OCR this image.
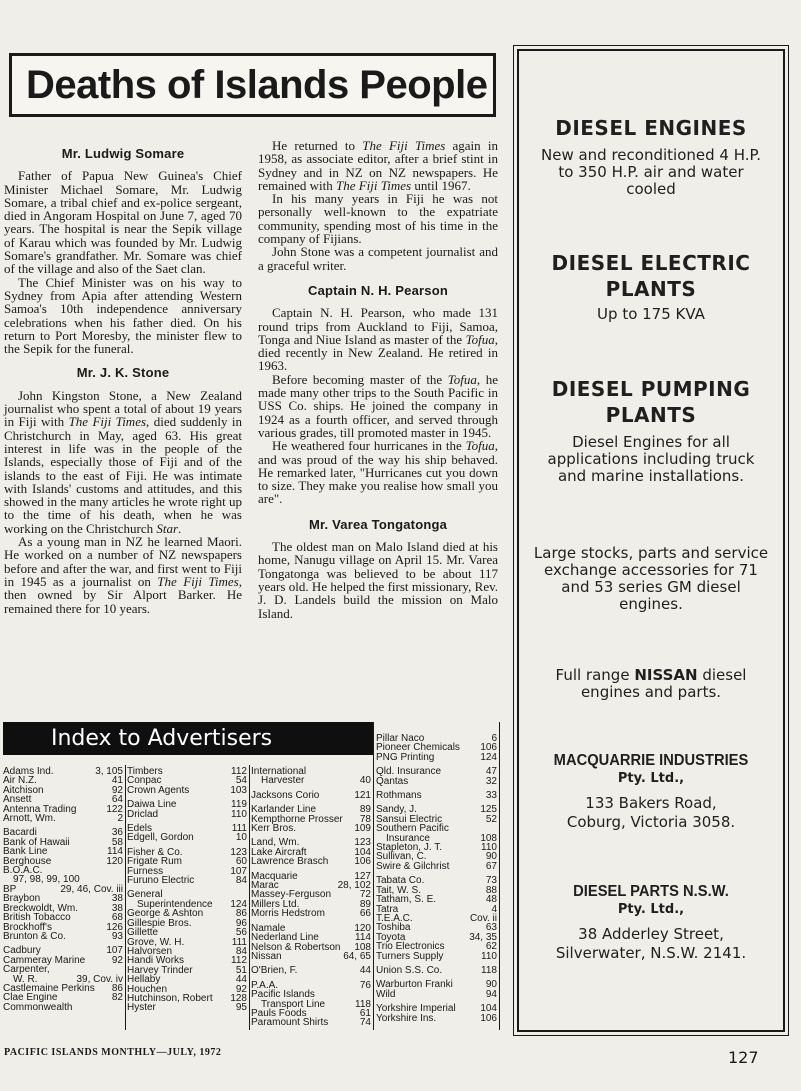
Deaths of Islands People
Mr. Ludwig Somare

Father of Papua New Guinea's Chief Minister Michael Somare, Mr. Ludwig Somare, a tribal chief and ex-police sergeant, died in Angoram Hospital on June 7, aged 70 years. The hospital is near the Sepik village of Karau which was founded by Mr. Ludwig Somare's grandfather. Mr. Somare was chief of the village and also of the Saet clan.

The Chief Minister was on his way to Sydney from Apia after attending Western Samoa's 10th independence anniversary celebrations when his father died. On his return to Port Moresby, the minister flew to the Sepik for the funeral.

Mr. J. K. Stone

John Kingston Stone, a New Zealand journalist who spent a total of about 19 years in Fiji with The Fiji Times, died suddenly in Christchurch in May, aged 63. His great interest in life was in the people of the Islands, especially those of Fiji and of the islands to the east of Fiji. He was intimate with Islands' customs and attitudes, and this showed in the many articles he wrote right up to the time of his death, when he was working on the Christchurch Star.

As a young man in NZ he learned Maori. He worked on a number of NZ newspapers before and after the war, and first went to Fiji in 1945 as a journalist on The Fiji Times, then owned by Sir Alport Barker. He remained there for 10 years.

He returned to The Fiji Times again in 1958, as associate editor, after a brief stint in Sydney and in NZ on NZ newspapers. He remained with The Fiji Times until 1967.

In his many years in Fiji he was not personally well-known to the expatriate community, spending most of his time in the company of Fijians.

John Stone was a competent journalist and a graceful writer.

Captain N. H. Pearson

Captain N. H. Pearson, who made 131 round trips from Auckland to Fiji, Samoa, Tonga and Niue Island as master of the Tofua, died recently in New Zealand. He retired in 1963.

Before becoming master of the Tofua, he made many other trips to the South Pacific in USS Co. ships. He joined the company in 1924 as a fourth officer, and served through various grades, till promoted master in 1945.

He weathered four hurricanes in the Tofua, and was proud of the way his ship behaved. He remarked later, "Hurricanes cut you down to size. They make you realise how small you are".

Mr. Varea Tongatonga

The oldest man on Malo Island died at his home, Nanugu village on April 15. Mr. Varea Tongatonga was believed to be about 117 years old. He helped the first missionary, Rev. J. D. Landels build the mission on Malo Island.

DIESEL ENGINES
New and reconditioned 4 H.P. to 350 H.P. air and water cooled
DIESEL ELECTRIC PLANTS
Up to 175 KVA
DIESEL PUMPING PLANTS
Diesel Engines for all applications including truck and marine installations.
Large stocks, parts and service exchange accessories for 71 and 53 series GM diesel engines.
Full range NISSAN diesel engines and parts.
MACQUARRIE INDUSTRIES
Pty. Ltd.,
133 Bakers Road,
Coburg, Victoria 3058.
DIESEL PARTS N.S.W.
Pty. Ltd.,
38 Adderley Street,
Silverwater, N.S.W. 2141.
Index to Advertisers
Adams Ind.	3, 105
Air N.Z.	41
Aitchison	92
Ansett	64
Antenna Trading	122
Arnott, Wm.	2
Bacardi	36
Bank of Hawaii	58
Bank Line	114
Berghouse	120
B.O.A.C.
97, 98, 99, 100
BP	29, 46, Cov. iii
Braybon	38
Breckwoldt, Wm.	38
British Tobacco	68
Brockhoff's	126
Brunton & Co.	93
Cadbury	107
Cammeray Marine	92
Carpenter,
W. R.	39, Cov. iv
Castlemaine Perkins 86
Clae Engine	82
Commonwealth
Timbers	112
Conpac	54
Crown Agents	103
Daiwa Line	119
Driclad	110
Edels	111
Edgell, Gordon	10
Fisher & Co.	123
Frigate Rum	60
Furness	107
Furuno Electric	84
General
Superintendence 124
George & Ashton	86
Gillespie Bros.	96
Gillette	56
Grove, W. H.	111
Halvorsen	84
Handi Works	112
Harvey Trinder	51
Hellaby	44
Houchen	92
Hutchinson, Robert 128
Hyster	95
International
Harvester	40
Jacksons Corio	121
Karlander Line	89
Kempthorne Prosser 78
Kerr Bros.	109
Land, Wm.	123
Lake Aircraft	104
Lawrence Brasch	106
Macquarie	127
Marac	28, 102
Massey-Ferguson	72
Millers Ltd.	89
Morris Hedstrom	66
Namale	120
Nederland Line	114
Nelson & Robertson 108
Nissan	64, 65
O'Brien, F.	44
P.A.A.	76
Pacific Islands
Transport Line	118
Pauls Foods	61
Paramount Shirts	74
Pillar Naco	6
Pioneer Chemicals 106
PNG Printing	124
Qld. Insurance	47
Qantas	32
Rothmans	33
Sandy, J.	125
Sansui Electric	52
Southern Pacific
Insurance	108
Stapleton, J. T.	110
Sullivan, C.	90
Swire & Gilchrist	67
Tabata Co.	73
Tait, W. S.	88
Tatham, S. E.	48
Tatra	4
T.E.A.C.	Cov. ii
Toshiba	63
Toyota	34, 35
Trio Electronics	62
Turners Supply	110
Union S.S. Co.	118
Warburton Franki	90
Wild	94
Yorkshire Imperial 104
Yorkshire Ins.	106
PACIFIC ISLANDS MONTHLY—JULY, 1972	127
